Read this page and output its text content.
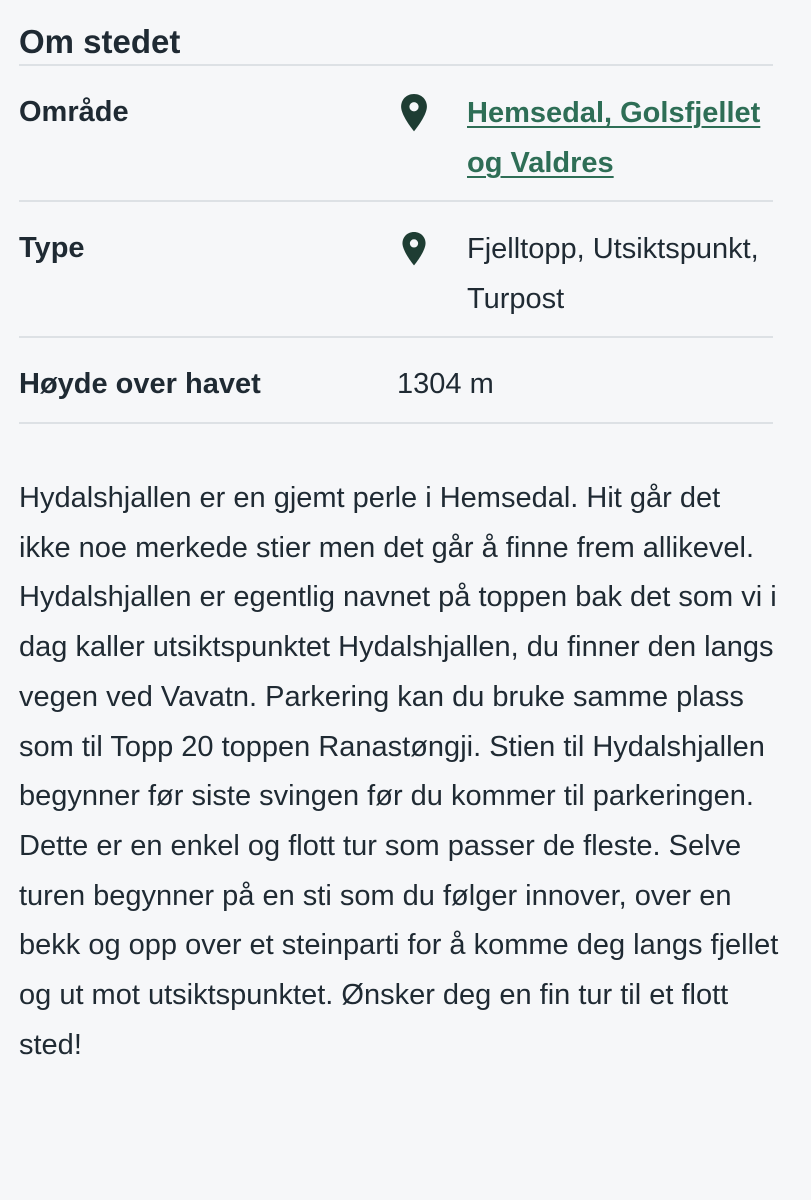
Om stedet
Område	Hemsedal, Golsfjellet og Valdres
Type	Fjelltopp, Utsiktspunkt, Turpost
Høyde over havet	1304 m

Hydalshjallen er en gjemt perle i Hemsedal. Hit går det ikke noe merkede stier men det går å finne frem allikevel. Hydalshjallen er egentlig navnet på toppen bak det som vi i dag kaller utsiktspunktet Hydalshjallen, du finner den langs vegen ved Vavatn. Parkering kan du bruke samme plass som til Topp 20 toppen Ranastøngji. Stien til Hydalshjallen begynner før siste svingen før du kommer til parkeringen. Dette er en enkel og flott tur som passer de fleste. Selve turen begynner på en sti som du følger innover, over en bekk og opp over et steinparti for å komme deg langs fjellet og ut mot utsiktspunktet. Ønsker deg en fin tur til et flott sted!
